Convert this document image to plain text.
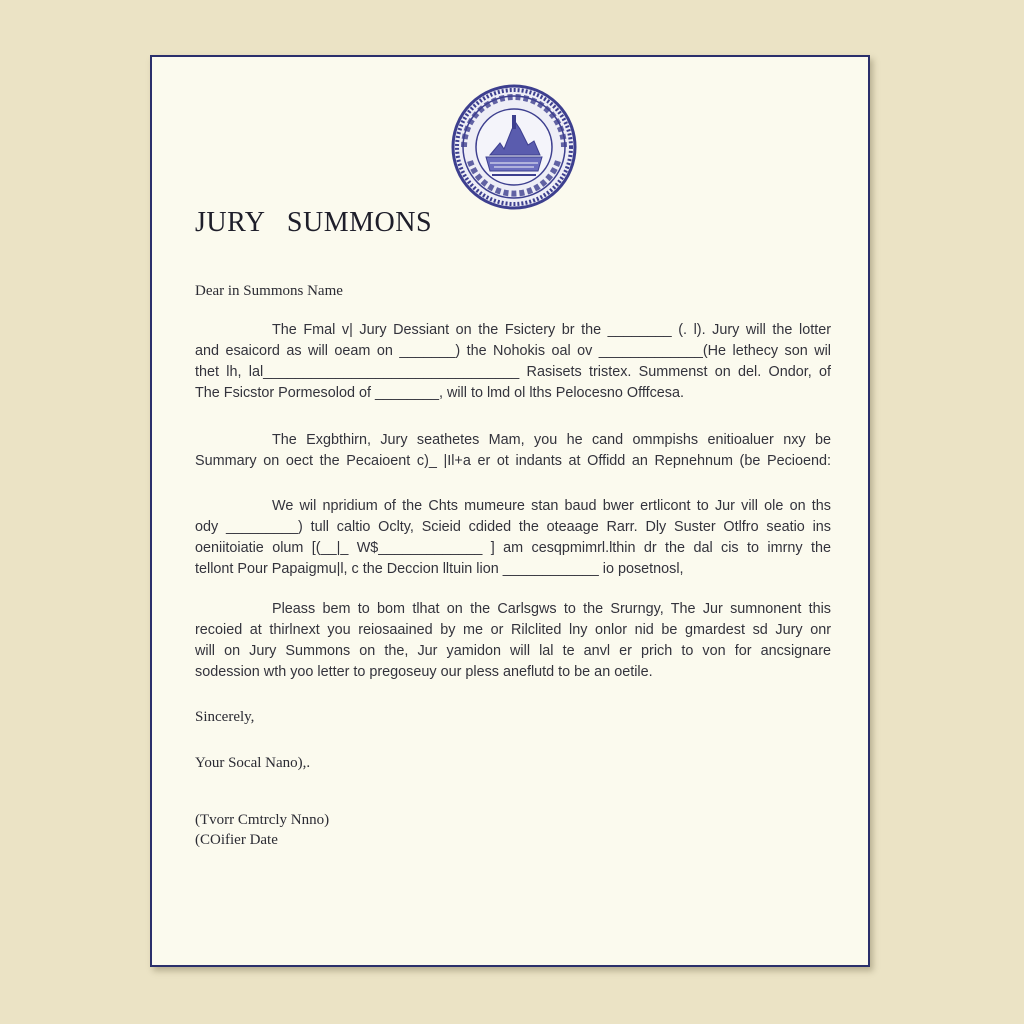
JURY   SUMMONS
Dear in Summons Name
The Fmal v| Jury Dessiant on the Fsictery br the ________ (. l). Jury will the lotter
and esaicord as will oeam on _______) the Nohokis oal ov _____________(He lethecy son wil
thet lh, lal________________________________ Rasisets tristex. Summenst on del. Ondor, of
The Fsicstor Pormesolod of ________, will to lmd ol lths Pelocesno Offfcesa.
The Exgbthirn, Jury seathetes Mam, you he cand ommpishs enitioaluer nxy be
Summary on oect the Pecaioent c)_ |Il+a er ot indants at Offidd an Repnehnum (be Pecioend:
We wil npridium of the Chts mumeure stan baud bwer ertlicont to Jur vill ole on ths
ody _________) tull caltio Oclty, Scieid cdided the oteaage Rarr. Dly Suster Otlfro seatio ins
oeniitoiatie olum [(__|_ W$_____________ ] am cesqpmimrl.lthin dr the dal cis to imrny the
tellont Pour Papaigmu|l, c the Deccion lltuin lion ____________ io posetnosl,
Pleass bem to bom tlhat on the Carlsgws to the Srurngy, The Jur sumnonent this
recoied at thirlnext you reiosaained by me or Rilclited lny onlor nid be gmardest sd Jury onr
will on Jury Summons on the, Jur yamidon will lal te anvl er prich to von for ancsignare
sodession wth yoo letter to pregoseuy our pless aneflutd to be an oetile.
Sincerely,
Your Socal Nano),.
(Tvorr Cmtrcly Nnno)
(COifier Date
